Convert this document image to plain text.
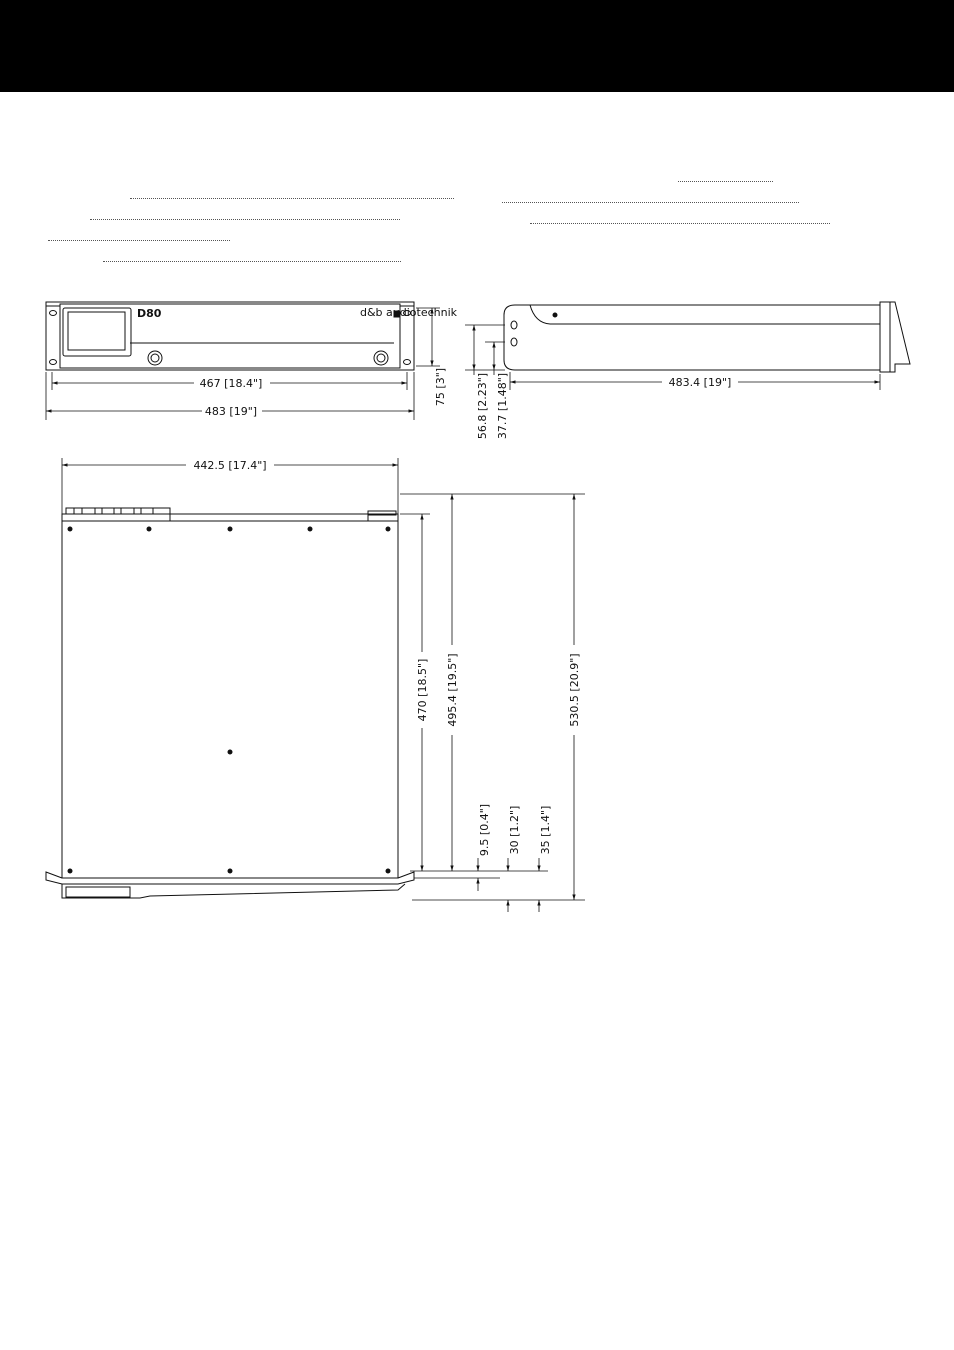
D80	d&b audiotechnik
467 [18.4"]
483 [19"]
75 [3"]	483.4 [19"]
56.8 [2.23"] 37.7 [1.48"]
442.5 [17.4"]
470 [18.5"] 495.4 [19.5"]	530.5 [20.9"]
9.5 [0.4"] 30 [1.2"] 35 [1.4"]
